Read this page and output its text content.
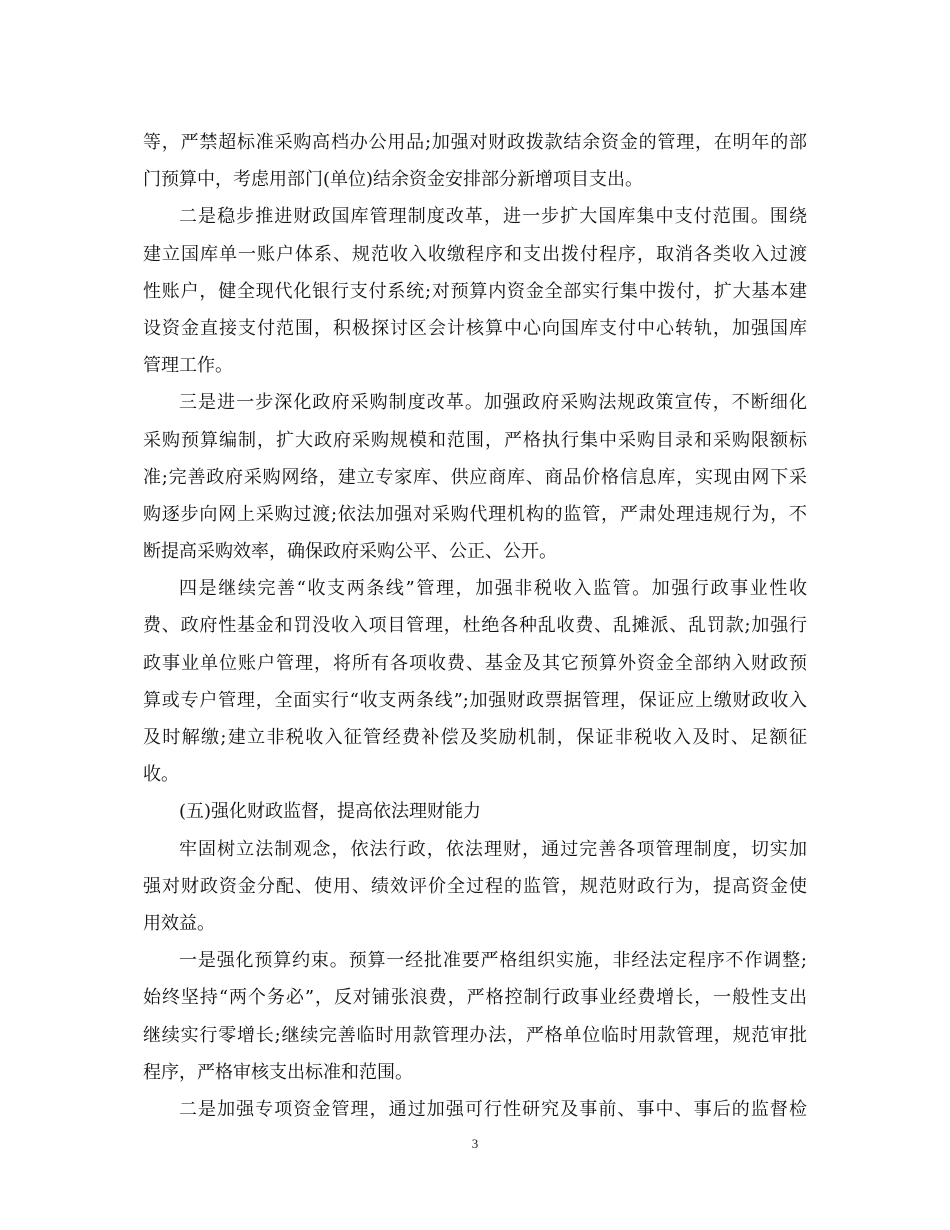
等，严禁超标准采购高档办公用品;加强对财政拨款结余资金的管理，在明年的部
门预算中，考虑用部门(单位)结余资金安排部分新增项目支出。
二是稳步推进财政国库管理制度改革，进一步扩大国库集中支付范围。围绕
建立国库单一账户体系、规范收入收缴程序和支出拨付程序，取消各类收入过渡
性账户，健全现代化银行支付系统;对预算内资金全部实行集中拨付，扩大基本建
设资金直接支付范围，积极探讨区会计核算中心向国库支付中心转轨，加强国库
管理工作。
三是进一步深化政府采购制度改革。加强政府采购法规政策宣传，不断细化
采购预算编制，扩大政府采购规模和范围，严格执行集中采购目录和采购限额标
准;完善政府采购网络，建立专家库、供应商库、商品价格信息库，实现由网下采
购逐步向网上采购过渡;依法加强对采购代理机构的监管，严肃处理违规行为，不
断提高采购效率，确保政府采购公平、公正、公开。
四是继续完善“收支两条线”管理，加强非税收入监管。加强行政事业性收
费、政府性基金和罚没收入项目管理，杜绝各种乱收费、乱摊派、乱罚款;加强行
政事业单位账户管理，将所有各项收费、基金及其它预算外资金全部纳入财政预
算或专户管理，全面实行“收支两条线”;加强财政票据管理，保证应上缴财政收入
及时解缴;建立非税收入征管经费补偿及奖励机制，保证非税收入及时、足额征
收。
(五)强化财政监督，提高依法理财能力
牢固树立法制观念，依法行政，依法理财，通过完善各项管理制度，切实加
强对财政资金分配、使用、绩效评价全过程的监管，规范财政行为，提高资金使
用效益。
一是强化预算约束。预算一经批准要严格组织实施，非经法定程序不作调整;
始终坚持“两个务必”，反对铺张浪费，严格控制行政事业经费增长，一般性支出
继续实行零增长;继续完善临时用款管理办法，严格单位临时用款管理，规范审批
程序，严格审核支出标准和范围。
二是加强专项资金管理，通过加强可行性研究及事前、事中、事后的监督检
3
